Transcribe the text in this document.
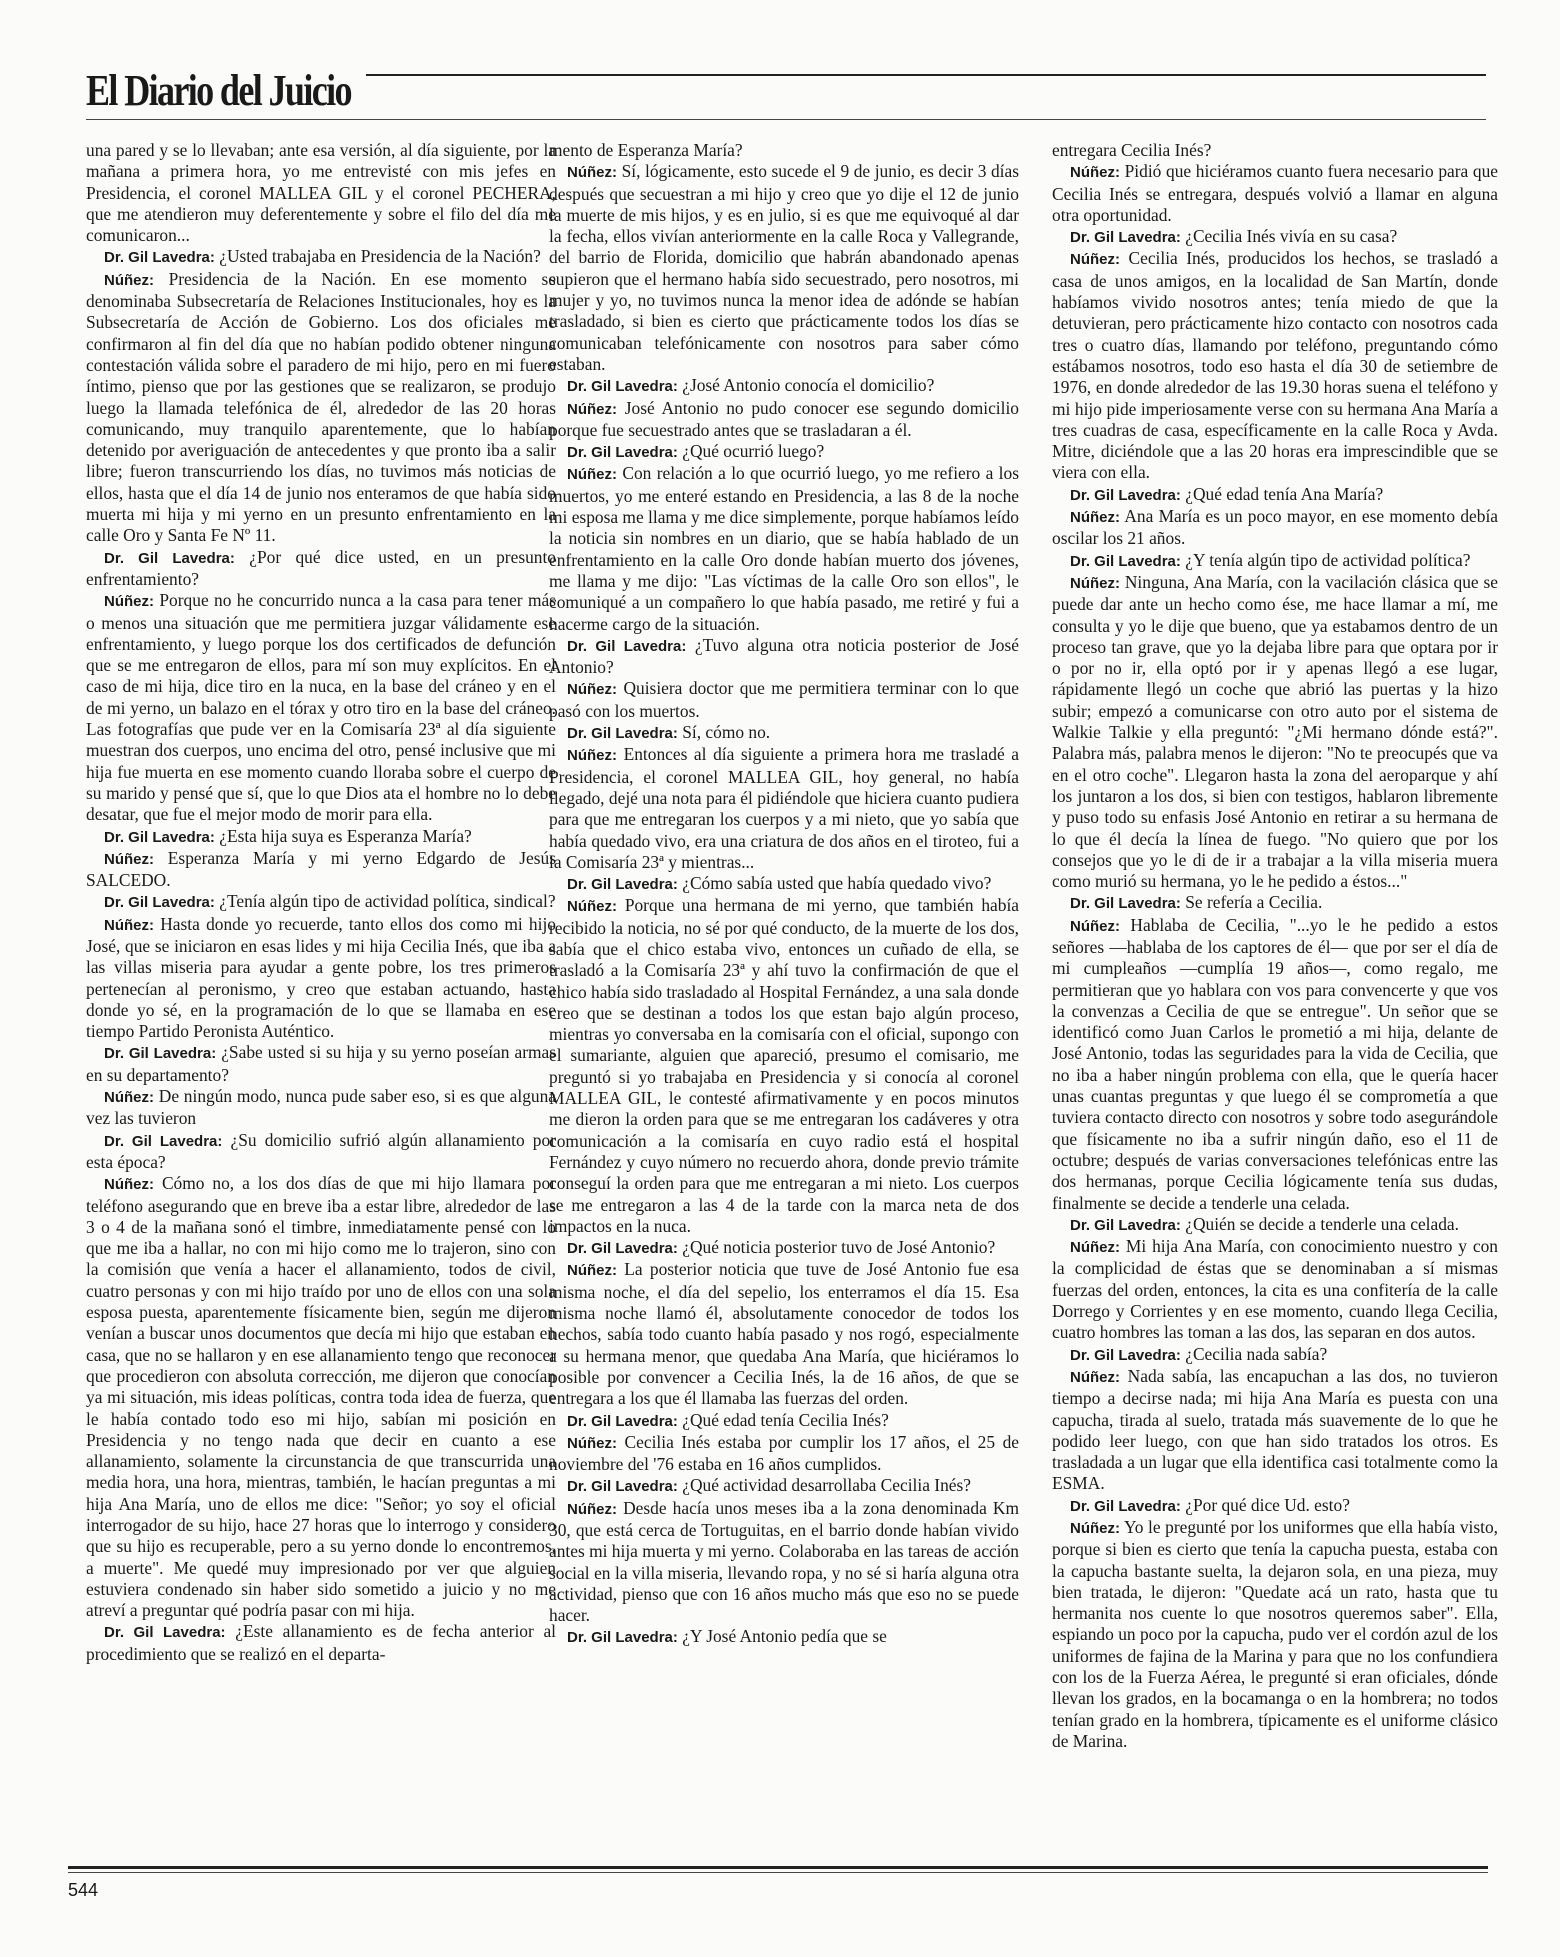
El Diario del Juicio

una pared y se lo llevaban; ante esa versión, al día siguiente, por la mañana a primera hora, yo me entrevisté con mis jefes en Presidencia, el coronel MALLEA GIL y el coronel PECHERA, que me atendieron muy deferentemente y sobre el filo del día me comunicaron...

Dr. Gil Lavedra: ¿Usted trabajaba en Presidencia de la Nación?

Núñez: Presidencia de la Nación. En ese momento se denominaba Subsecretaría de Relaciones Institucionales, hoy es la Subsecretaría de Acción de Gobierno. Los dos oficiales me confirmaron al fin del día que no habían podido obtener ninguna contestación válida sobre el paradero de mi hijo, pero en mi fuero íntimo, pienso que por las gestiones que se realizaron, se produjo luego la llamada telefónica de él, alrededor de las 20 horas comunicando, muy tranquilo aparentemente, que lo habían detenido por averiguación de antecedentes y que pronto iba a salir libre; fueron transcurriendo los días, no tuvimos más noticias de ellos, hasta que el día 14 de junio nos enteramos de que había sido muerta mi hija y mi yerno en un presunto enfrentamiento en la calle Oro y Santa Fe Nº 11.

Dr. Gil Lavedra: ¿Por qué dice usted, en un presunto enfrentamiento?

Núñez: Porque no he concurrido nunca a la casa para tener más o menos una situación que me permitiera juzgar válidamente ese enfrentamiento, y luego porque los dos certificados de defunción que se me entregaron de ellos, para mí son muy explícitos. En el caso de mi hija, dice tiro en la nuca, en la base del cráneo y en el de mi yerno, un balazo en el tórax y otro tiro en la base del cráneo. Las fotografías que pude ver en la Comisaría 23ª al día siguiente muestran dos cuerpos, uno encima del otro, pensé inclusive que mi hija fue muerta en ese momento cuando lloraba sobre el cuerpo de su marido y pensé que sí, que lo que Dios ata el hombre no lo debe desatar, que fue el mejor modo de morir para ella.

Dr. Gil Lavedra: ¿Esta hija suya es Esperanza María?

Núñez: Esperanza María y mi yerno Edgardo de Jesús SALCEDO.

Dr. Gil Lavedra: ¿Tenía algún tipo de actividad política, sindical?

Núñez: Hasta donde yo recuerde, tanto ellos dos como mi hijo José, que se iniciaron en esas lides y mi hija Cecilia Inés, que iba a las villas miseria para ayudar a gente pobre, los tres primeros pertenecían al peronismo, y creo que estaban actuando, hasta donde yo sé, en la programación de lo que se llamaba en ese tiempo Partido Peronista Auténtico.

Dr. Gil Lavedra: ¿Sabe usted si su hija y su yerno poseían armas en su departamento?

Núñez: De ningún modo, nunca pude saber eso, si es que alguna vez las tuvieron

Dr. Gil Lavedra: ¿Su domicilio sufrió algún allanamiento por esta época?

Núñez: Cómo no, a los dos días de que mi hijo llamara por teléfono asegurando que en breve iba a estar libre, alrededor de las 3 o 4 de la mañana sonó el timbre, inmediatamente pensé con lo que me iba a hallar, no con mi hijo como me lo trajeron, sino con la comisión que venía a hacer el allanamiento, todos de civil, cuatro personas y con mi hijo traído por uno de ellos con una sola esposa puesta, aparentemente físicamente bien, según me dijeron venían a buscar unos documentos que decía mi hijo que estaban en casa, que no se hallaron y en ese allanamiento tengo que reconocer que procedieron con absoluta corrección, me dijeron que conocían ya mi situación, mis ideas políticas, contra toda idea de fuerza, que le había contado todo eso mi hijo, sabían mi posición en Presidencia y no tengo nada que decir en cuanto a ese allanamiento, solamente la circunstancia de que transcurrida una media hora, una hora, mientras, también, le hacían preguntas a mi hija Ana María, uno de ellos me dice: "Señor; yo soy el oficial interrogador de su hijo, hace 27 horas que lo interrogo y considero que su hijo es recuperable, pero a su yerno donde lo encontremos, a muerte". Me quedé muy impresionado por ver que alguien estuviera condenado sin haber sido sometido a juicio y no me atreví a preguntar qué podría pasar con mi hija.

Dr. Gil Lavedra: ¿Este allanamiento es de fecha anterior al procedimiento que se realizó en el departa-

mento de Esperanza María?

Núñez: Sí, lógicamente, esto sucede el 9 de junio, es decir 3 días después que secuestran a mi hijo y creo que yo dije el 12 de junio la muerte de mis hijos, y es en julio, si es que me equivoqué al dar la fecha, ellos vivían anteriormente en la calle Roca y Vallegrande, del barrio de Florida, domicilio que habrán abandonado apenas supieron que el hermano había sido secuestrado, pero nosotros, mi mujer y yo, no tuvimos nunca la menor idea de adónde se habían trasladado, si bien es cierto que prácticamente todos los días se comunicaban telefónicamente con nosotros para saber cómo estaban.

Dr. Gil Lavedra: ¿José Antonio conocía el domicilio?

Núñez: José Antonio no pudo conocer ese segundo domicilio porque fue secuestrado antes que se trasladaran a él.

Dr. Gil Lavedra: ¿Qué ocurrió luego?

Núñez: Con relación a lo que ocurrió luego, yo me refiero a los muertos, yo me enteré estando en Presidencia, a las 8 de la noche mi esposa me llama y me dice simplemente, porque habíamos leído la noticia sin nombres en un diario, que se había hablado de un enfrentamiento en la calle Oro donde habían muerto dos jóvenes, me llama y me dijo: "Las víctimas de la calle Oro son ellos", le comuniqué a un compañero lo que había pasado, me retiré y fui a hacerme cargo de la situación.

Dr. Gil Lavedra: ¿Tuvo alguna otra noticia posterior de José Antonio?

Núñez: Quisiera doctor que me permitiera terminar con lo que pasó con los muertos.

Dr. Gil Lavedra: Sí, cómo no.

Núñez: Entonces al día siguiente a primera hora me trasladé a Presidencia, el coronel MALLEA GIL, hoy general, no había llegado, dejé una nota para él pidiéndole que hiciera cuanto pudiera para que me entregaran los cuerpos y a mi nieto, que yo sabía que había quedado vivo, era una criatura de dos años en el tiroteo, fui a la Comisaría 23ª y mientras...

Dr. Gil Lavedra: ¿Cómo sabía usted que había quedado vivo?

Núñez: Porque una hermana de mi yerno, que también había recibido la noticia, no sé por qué conducto, de la muerte de los dos, sabía que el chico estaba vivo, entonces un cuñado de ella, se trasladó a la Comisaría 23ª y ahí tuvo la confirmación de que el chico había sido trasladado al Hospital Fernández, a una sala donde creo que se destinan a todos los que estan bajo algún proceso, mientras yo conversaba en la comisaría con el oficial, supongo con el sumariante, alguien que apareció, presumo el comisario, me preguntó si yo trabajaba en Presidencia y si conocía al coronel MALLEA GIL, le contesté afirmativamente y en pocos minutos me dieron la orden para que se me entregaran los cadáveres y otra comunicación a la comisaría en cuyo radio está el hospital Fernández y cuyo número no recuerdo ahora, donde previo trámite conseguí la orden para que me entregaran a mi nieto. Los cuerpos se me entregaron a las 4 de la tarde con la marca neta de dos impactos en la nuca.

Dr. Gil Lavedra: ¿Qué noticia posterior tuvo de José Antonio?

Núñez: La posterior noticia que tuve de José Antonio fue esa misma noche, el día del sepelio, los enterramos el día 15. Esa misma noche llamó él, absolutamente conocedor de todos los hechos, sabía todo cuanto había pasado y nos rogó, especialmente a su hermana menor, que quedaba Ana María, que hiciéramos lo posible por convencer a Cecilia Inés, la de 16 años, de que se entregara a los que él llamaba las fuerzas del orden.

Dr. Gil Lavedra: ¿Qué edad tenía Cecilia Inés?

Núñez: Cecilia Inés estaba por cumplir los 17 años, el 25 de noviembre del '76 estaba en 16 años cumplidos.

Dr. Gil Lavedra: ¿Qué actividad desarrollaba Cecilia Inés?

Núñez: Desde hacía unos meses iba a la zona denominada Km 30, que está cerca de Tortuguitas, en el barrio donde habían vivido antes mi hija muerta y mi yerno. Colaboraba en las tareas de acción social en la villa miseria, llevando ropa, y no sé si haría alguna otra actividad, pienso que con 16 años mucho más que eso no se puede hacer.

Dr. Gil Lavedra: ¿Y José Antonio pedía que se

entregara Cecilia Inés?

Núñez: Pidió que hiciéramos cuanto fuera necesario para que Cecilia Inés se entregara, después volvió a llamar en alguna otra oportunidad.

Dr. Gil Lavedra: ¿Cecilia Inés vivía en su casa?

Núñez: Cecilia Inés, producidos los hechos, se trasladó a casa de unos amigos, en la localidad de San Martín, donde habíamos vivido nosotros antes; tenía miedo de que la detuvieran, pero prácticamente hizo contacto con nosotros cada tres o cuatro días, llamando por teléfono, preguntando cómo estábamos nosotros, todo eso hasta el día 30 de setiembre de 1976, en donde alrededor de las 19.30 horas suena el teléfono y mi hijo pide imperiosamente verse con su hermana Ana María a tres cuadras de casa, específicamente en la calle Roca y Avda. Mitre, diciéndole que a las 20 horas era imprescindible que se viera con ella.

Dr. Gil Lavedra: ¿Qué edad tenía Ana María?

Núñez: Ana María es un poco mayor, en ese momento debía oscilar los 21 años.

Dr. Gil Lavedra: ¿Y tenía algún tipo de actividad política?

Núñez: Ninguna, Ana María, con la vacilación clásica que se puede dar ante un hecho como ése, me hace llamar a mí, me consulta y yo le dije que bueno, que ya estabamos dentro de un proceso tan grave, que yo la dejaba libre para que optara por ir o por no ir, ella optó por ir y apenas llegó a ese lugar, rápidamente llegó un coche que abrió las puertas y la hizo subir; empezó a comunicarse con otro auto por el sistema de Walkie Talkie y ella preguntó: "¿Mi hermano dónde está?". Palabra más, palabra menos le dijeron: "No te preocupés que va en el otro coche". Llegaron hasta la zona del aeroparque y ahí los juntaron a los dos, si bien con testigos, hablaron libremente y puso todo su enfasis José Antonio en retirar a su hermana de lo que él decía la línea de fuego. "No quiero que por los consejos que yo le di de ir a trabajar a la villa miseria muera como murió su hermana, yo le he pedido a éstos..."

Dr. Gil Lavedra: Se refería a Cecilia.

Núñez: Hablaba de Cecilia, "...yo le he pedido a estos señores —hablaba de los captores de él— que por ser el día de mi cumpleaños —cumplía 19 años—, como regalo, me permitieran que yo hablara con vos para convencerte y que vos la convenzas a Cecilia de que se entregue". Un señor que se identificó como Juan Carlos le prometió a mi hija, delante de José Antonio, todas las seguridades para la vida de Cecilia, que no iba a haber ningún problema con ella, que le quería hacer unas cuantas preguntas y que luego él se comprometía a que tuviera contacto directo con nosotros y sobre todo asegurándole que físicamente no iba a sufrir ningún daño, eso el 11 de octubre; después de varias conversaciones telefónicas entre las dos hermanas, porque Cecilia lógicamente tenía sus dudas, finalmente se decide a tenderle una celada.

Dr. Gil Lavedra: ¿Quién se decide a tenderle una celada.

Núñez: Mi hija Ana María, con conocimiento nuestro y con la complicidad de éstas que se denominaban a sí mismas fuerzas del orden, entonces, la cita es una confitería de la calle Dorrego y Corrientes y en ese momento, cuando llega Cecilia, cuatro hombres las toman a las dos, las separan en dos autos.

Dr. Gil Lavedra: ¿Cecilia nada sabía?

Núñez: Nada sabía, las encapuchan a las dos, no tuvieron tiempo a decirse nada; mi hija Ana María es puesta con una capucha, tirada al suelo, tratada más suavemente de lo que he podido leer luego, con que han sido tratados los otros. Es trasladada a un lugar que ella identifica casi totalmente como la ESMA.

Dr. Gil Lavedra: ¿Por qué dice Ud. esto?

Núñez: Yo le pregunté por los uniformes que ella había visto, porque si bien es cierto que tenía la capucha puesta, estaba con la capucha bastante suelta, la dejaron sola, en una pieza, muy bien tratada, le dijeron: "Quedate acá un rato, hasta que tu hermanita nos cuente lo que nosotros queremos saber". Ella, espiando un poco por la capucha, pudo ver el cordón azul de los uniformes de fajina de la Marina y para que no los confundiera con los de la Fuerza Aérea, le pregunté si eran oficiales, dónde llevan los grados, en la bocamanga o en la hombrera; no todos tenían grado en la hombrera, típicamente es el uniforme clásico de Marina.

544
